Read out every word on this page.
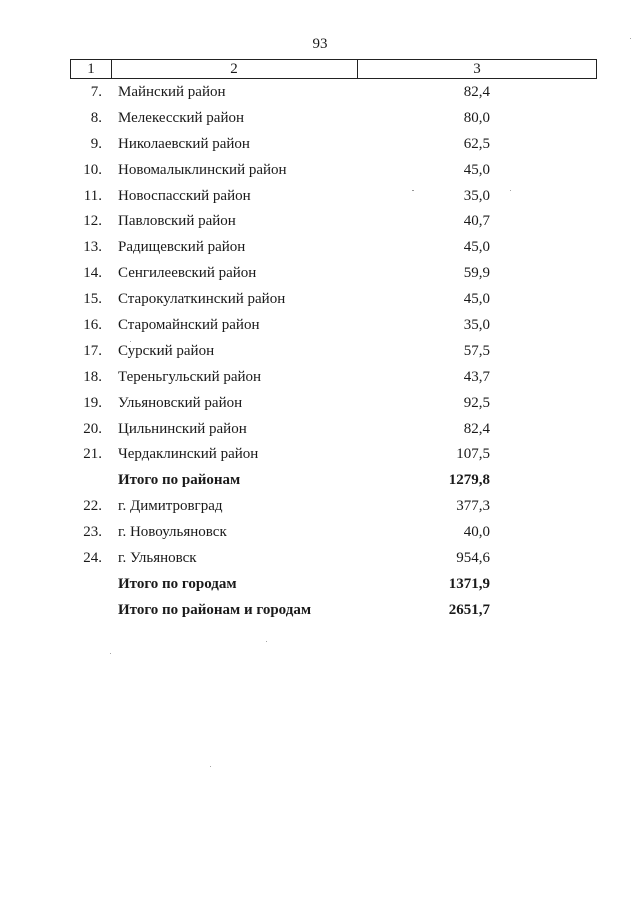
93
1	2	3
7. Майнский район	82,4
8. Мелекесский район	80,0
9. Николаевский район	62,5
10. Новомалыклинский район	45,0
11. Новоспасский район	35,0
12. Павловский район	40,7
13. Радищевский район	45,0
14. Сенгилеевский район	59,9
15. Старокулаткинский район	45,0
16. Старомайнский район	35,0
17. Сурский район	57,5
18. Тереньгульский район	43,7
19. Ульяновский район	92,5
20. Цильнинский район	82,4
21. Чердаклинский район	107,5
Итого по районам	1279,8
22. г. Димитровград	377,3
23. г. Новоульяновск	40,0
24. г. Ульяновск	954,6
Итого по городам	1371,9
Итого по районам и городам	2651,7
